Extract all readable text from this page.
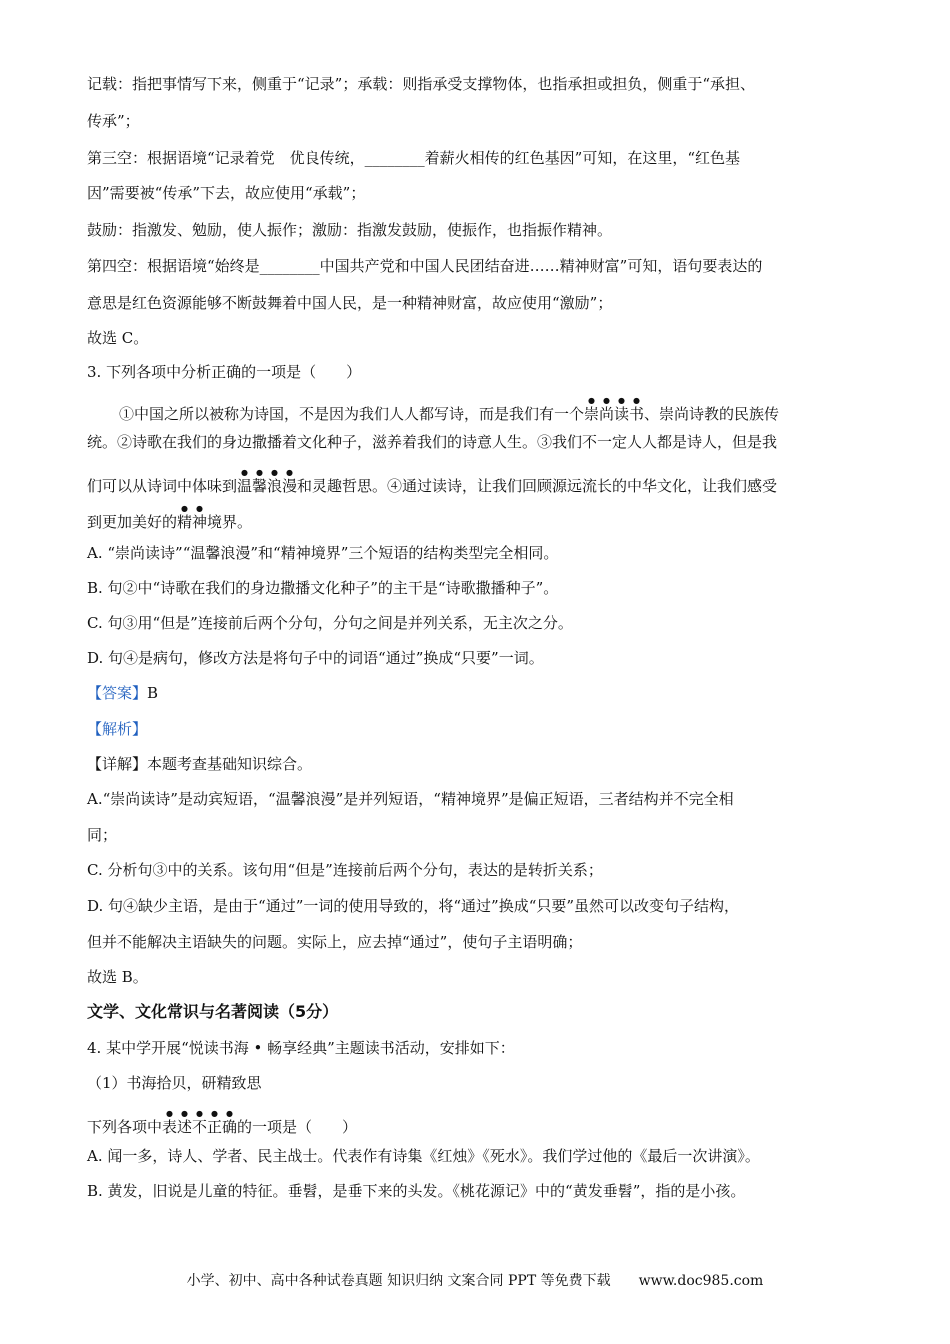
记载：指把事情写下来，侧重于“记录”；承载：则指承受支撑物体，也指承担或担负，侧重于“承担、

传承”；

第三空：根据语境“记录着党　优良传统，________着薪火相传的红色基因”可知，在这里，“红色基

因”需要被“传承”下去，故应使用“承载”；

鼓励：指激发、勉励，使人振作；激励：指激发鼓励，使振作，也指振作精神。

第四空：根据语境“始终是________中国共产党和中国人民团结奋进……精神财富”可知，语句要表达的

意思是红色资源能够不断鼓舞着中国人民，是一种精神财富，故应使用“激励”；

故选 C。

3. 下列各项中分析正确的一项是（　　）

①中国之所以被称为诗国，不是因为我们人人都写诗，而是我们有一个崇尚读书、崇尚诗教的民族传

统。②诗歌在我们的身边撒播着文化种子，滋养着我们的诗意人生。③我们不一定人人都是诗人，但是我

们可以从诗词中体味到温馨浪漫和灵趣哲思。④通过读诗，让我们回顾源远流长的中华文化，让我们感受

到更加美好的精神境界。

A. “崇尚读诗”“温馨浪漫”和“精神境界”三个短语的结构类型完全相同。

B. 句②中“诗歌在我们的身边撒播文化种子”的主干是“诗歌撒播种子”。

C. 句③用“但是”连接前后两个分句，分句之间是并列关系，无主次之分。

D. 句④是病句，修改方法是将句子中的词语“通过”换成“只要”一词。

【答案】B

【解析】

【详解】本题考查基础知识综合。

A.“崇尚读诗”是动宾短语，“温馨浪漫”是并列短语，“精神境界”是偏正短语，三者结构并不完全相

同；

C. 分析句③中的关系。该句用“但是”连接前后两个分句，表达的是转折关系；

D. 句④缺少主语，是由于“通过”一词的使用导致的，将“通过”换成“只要”虽然可以改变句子结构，

但并不能解决主语缺失的问题。实际上，应去掉“通过”，使句子主语明确；

故选 B。

文学、文化常识与名著阅读（5分）

4. 某中学开展“悦读书海 • 畅享经典”主题读书活动，安排如下：

（1）书海拾贝，研精致思

下列各项中表述不正确的一项是（　　）

A. 闻一多，诗人、学者、民主战士。代表作有诗集《红烛》《死水》。我们学过他的《最后一次讲演》。

B. 黄发，旧说是儿童的特征。垂髫，是垂下来的头发。《桃花源记》中的“黄发垂髫”，指的是小孩。

小学、初中、高中各种试卷真题 知识归纳 文案合同 PPT 等免费下载　　www.doc985.com
